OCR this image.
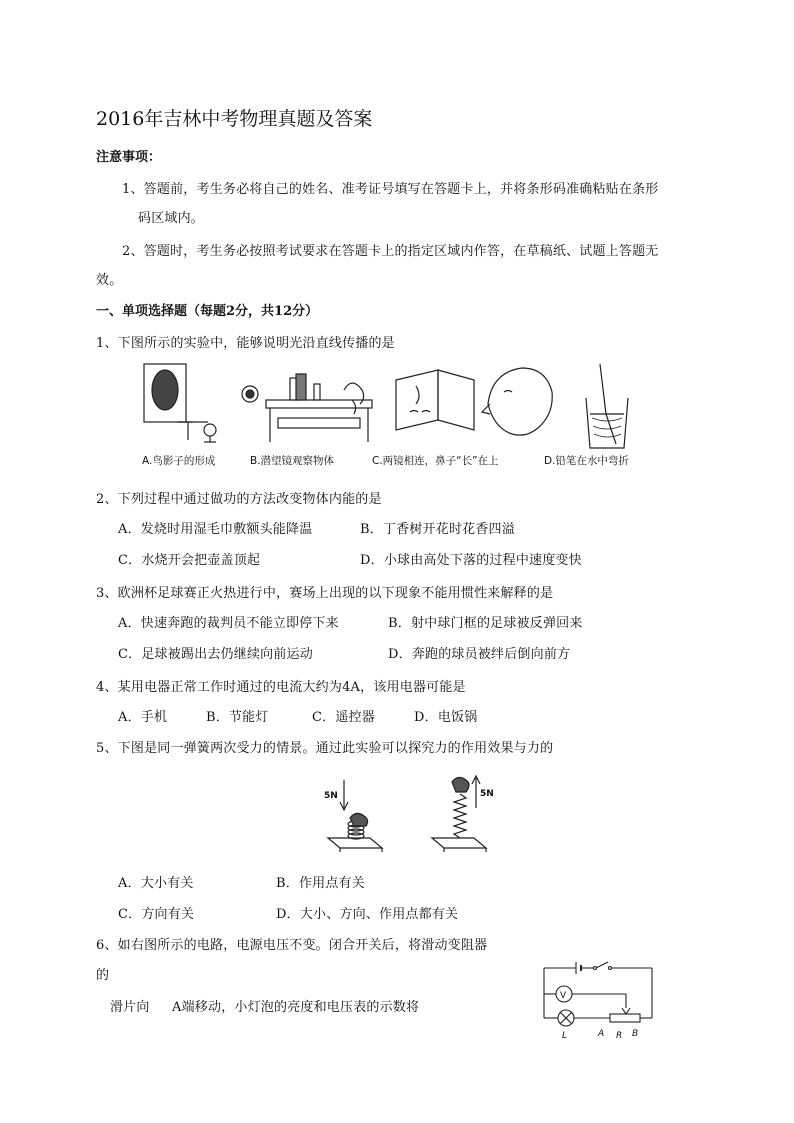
2016年吉林中考物理真题及答案
注意事项：
1、答题前，考生务必将自己的姓名、准考证号填写在答题卡上，并将条形码准确粘贴在条形
码区域内。
2、答题时，考生务必按照考试要求在答题卡上的指定区域内作答，在草稿纸、试题上答题无
效。
一、单项选择题（每题2分，共12分）
1、下图所示的实验中，能够说明光沿直线传播的是
A.鸟影子的形成	B.潜望镜观察物体	C.两镜相连，鼻子“长”在上	D.铅笔在水中弯折
2、下列过程中通过做功的方法改变物体内能的是
A．发烧时用湿毛巾敷额头能降温	B．丁香树开花时花香四溢
C．水烧开会把壶盖顶起	D．小球由高处下落的过程中速度变快
3、欧洲杯足球赛正火热进行中，赛场上出现的以下现象不能用惯性来解释的是
A．快速奔跑的裁判员不能立即停下来	B．射中球门框的足球被反弹回来
C．足球被踢出去仍继续向前运动	D．奔跑的球员被绊后倒向前方
4、某用电器正常工作时通过的电流大约为4A，该用电器可能是
A．手机	B．节能灯	C．遥控器	D．电饭锅
5、下图是同一弹簧两次受力的情景。通过此实验可以探究力的作用效果与力的
5N	5N
A．大小有关	B．作用点有关
C．方向有关	D．大小、方向、作用点都有关
6、如右图所示的电路，电源电压不变。闭合开关后，将滑动变阻器
的
滑片向 A端移动，小灯泡的亮度和电压表的示数将
V
L	A R B
